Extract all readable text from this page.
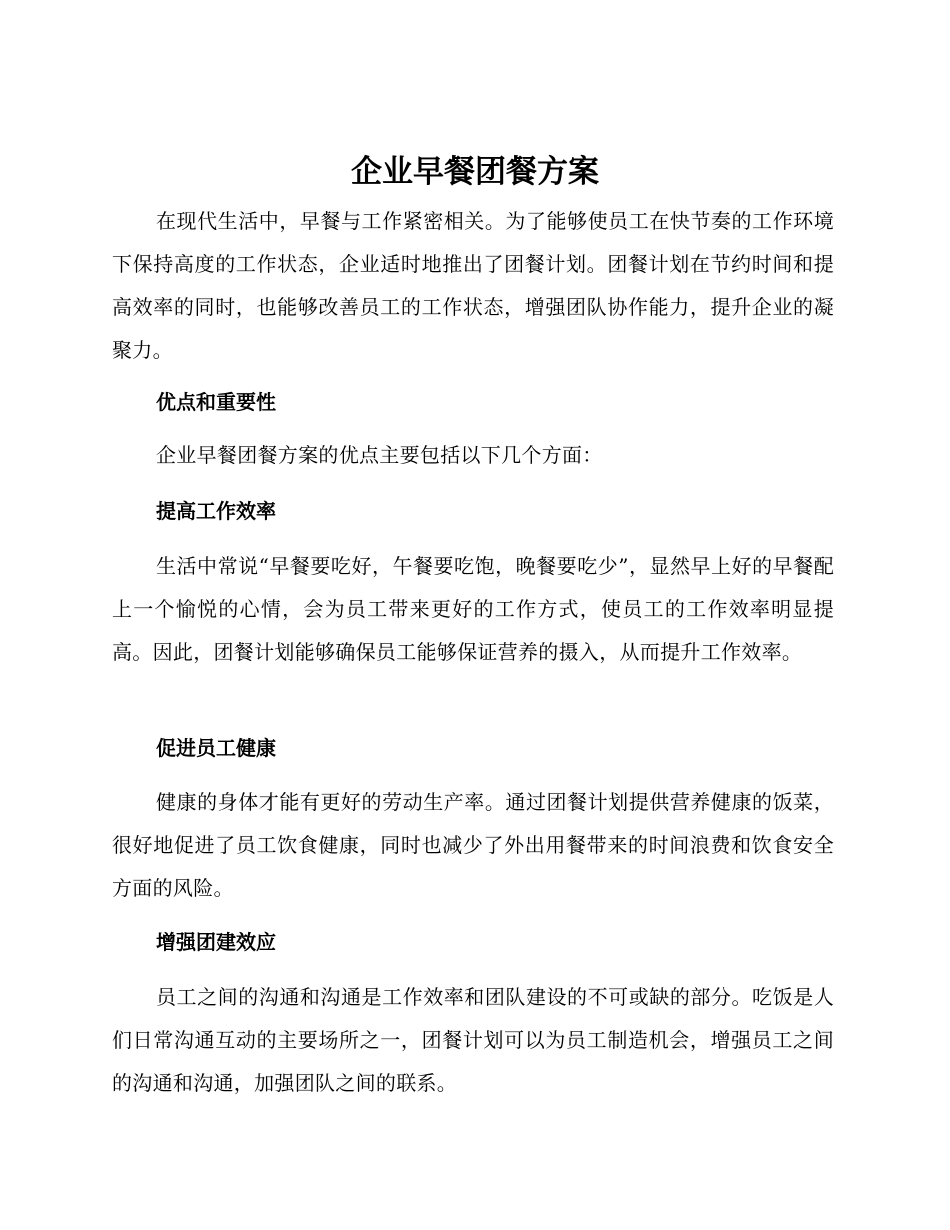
企业早餐团餐方案

在现代生活中，早餐与工作紧密相关。为了能够使员工在快节奏的工作环境下保持高度的工作状态，企业适时地推出了团餐计划。团餐计划在节约时间和提高效率的同时，也能够改善员工的工作状态，增强团队协作能力，提升企业的凝聚力。

优点和重要性

企业早餐团餐方案的优点主要包括以下几个方面：

提高工作效率

生活中常说“早餐要吃好，午餐要吃饱，晚餐要吃少”，显然早上好的早餐配上一个愉悦的心情，会为员工带来更好的工作方式，使员工的工作效率明显提高。因此，团餐计划能够确保员工能够保证营养的摄入，从而提升工作效率。

促进员工健康

健康的身体才能有更好的劳动生产率。通过团餐计划提供营养健康的饭菜，很好地促进了员工饮食健康，同时也减少了外出用餐带来的时间浪费和饮食安全方面的风险。

增强团建效应

员工之间的沟通和沟通是工作效率和团队建设的不可或缺的部分。吃饭是人们日常沟通互动的主要场所之一，团餐计划可以为员工制造机会，增强员工之间的沟通和沟通，加强团队之间的联系。
